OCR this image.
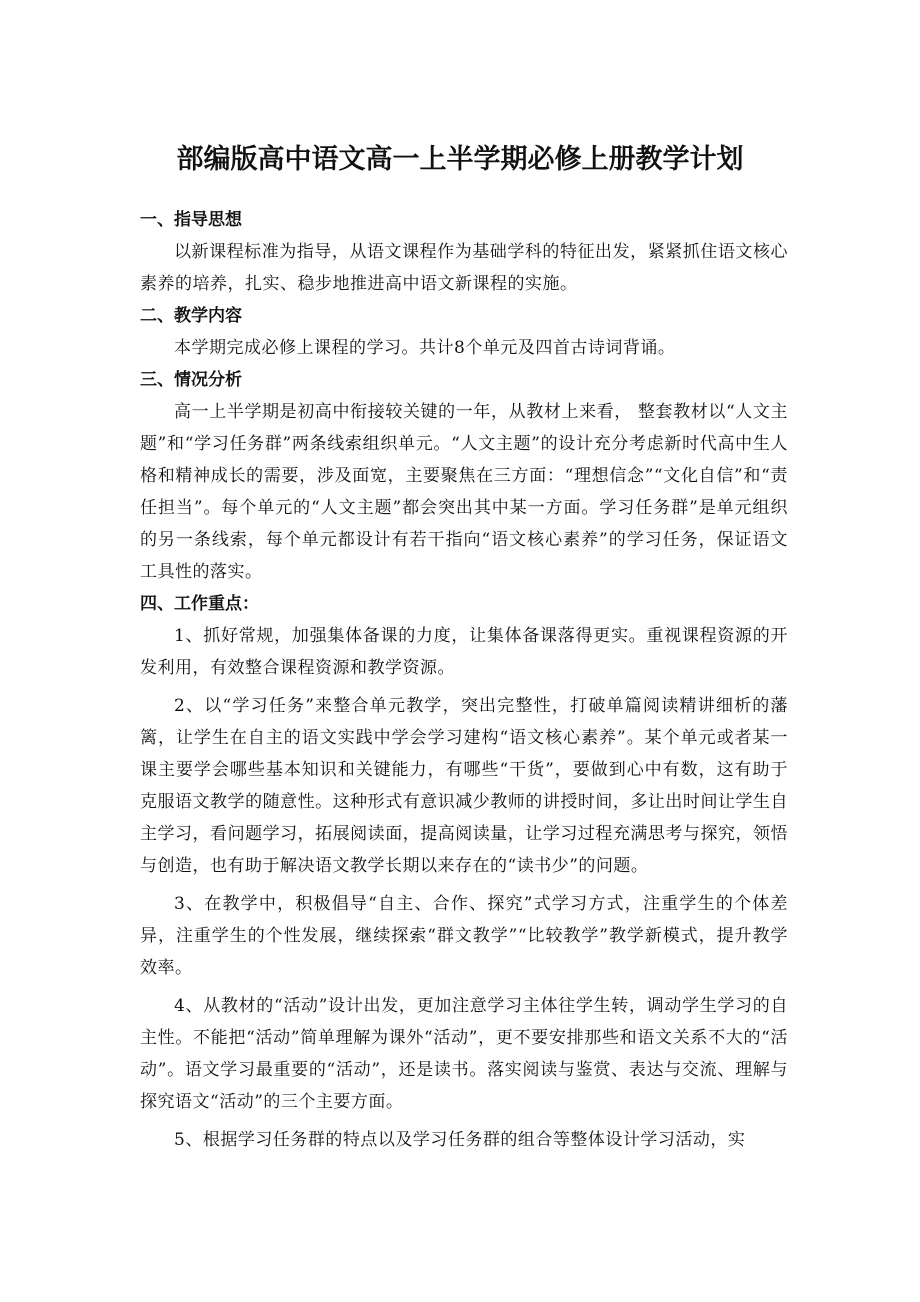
部编版高中语文高一上半学期必修上册教学计划
一、指导思想

以新课程标准为指导，从语文课程作为基础学科的特征出发，紧紧抓住语文核心素养的培养，扎实、稳步地推进高中语文新课程的实施。

二、教学内容

本学期完成必修上课程的学习。共计8个单元及四首古诗词背诵。

三、情况分析

高一上半学期是初高中衔接较关键的一年，从教材上来看， 整套教材以“人文主题”和“学习任务群”两条线索组织单元。“人文主题”的设计充分考虑新时代高中生人格和精神成长的需要，涉及面宽，主要聚焦在三方面：“理想信念”“文化自信”和“责任担当”。每个单元的“人文主题”都会突出其中某一方面。学习任务群”是单元组织的另一条线索，每个单元都设计有若干指向“语文核心素养”的学习任务，保证语文工具性的落实。

四、工作重点：

1、抓好常规，加强集体备课的力度，让集体备课落得更实。重视课程资源的开发利用，有效整合课程资源和教学资源。

2、以“学习任务”来整合单元教学，突出完整性，打破单篇阅读精讲细析的藩篱，让学生在自主的语文实践中学会学习建构“语文核心素养”。某个单元或者某一课主要学会哪些基本知识和关键能力，有哪些“干货”，要做到心中有数，这有助于克服语文教学的随意性。这种形式有意识减少教师的讲授时间，多让出时间让学生自主学习，看问题学习，拓展阅读面，提高阅读量，让学习过程充满思考与探究，领悟与创造，也有助于解决语文教学长期以来存在的“读书少”的问题。

3、在教学中，积极倡导“自主、合作、探究”式学习方式，注重学生的个体差异，注重学生的个性发展，继续探索“群文教学”“比较教学”教学新模式，提升教学效率。

4、从教材的“活动”设计出发，更加注意学习主体往学生转，调动学生学习的自主性。不能把“活动”简单理解为课外“活动”，更不要安排那些和语文关系不大的“活动”。语文学习最重要的“活动”，还是读书。落实阅读与鉴赏、表达与交流、理解与探究语文“活动”的三个主要方面。

5、根据学习任务群的特点以及学习任务群的组合等整体设计学习活动，实
